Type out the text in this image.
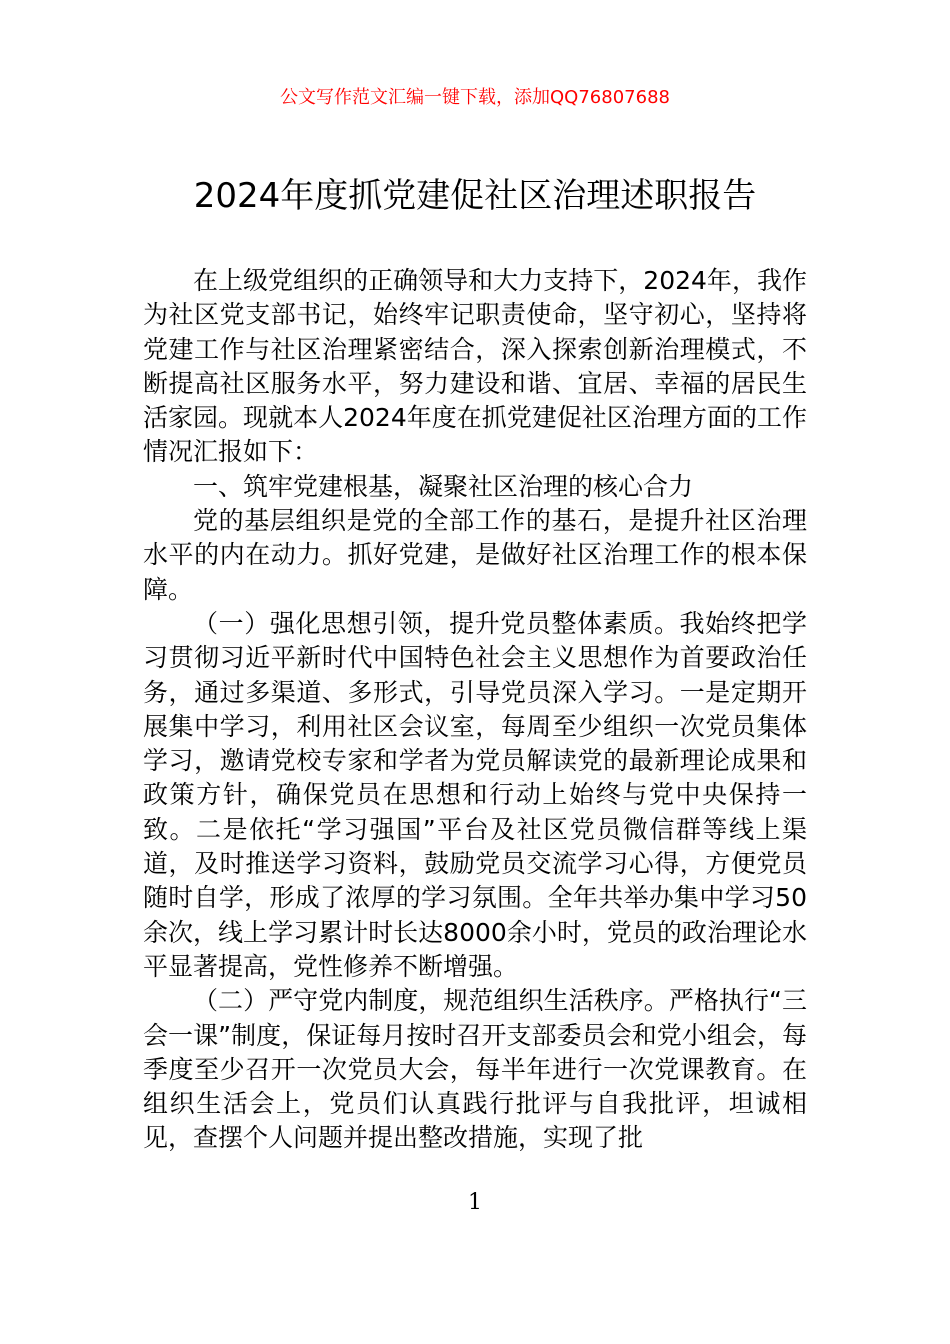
公文写作范文汇编一键下载，添加QQ76807688
2024年度抓党建促社区治理述职报告

在上级党组织的正确领导和大力支持下，2024年，我作为社区党支部书记，始终牢记职责使命，坚守初心，坚持将党建工作与社区治理紧密结合，深入探索创新治理模式，不断提高社区服务水平，努力建设和谐、宜居、幸福的居民生活家园。现就本人2024年度在抓党建促社区治理方面的工作情况汇报如下：

一、筑牢党建根基，凝聚社区治理的核心合力

党的基层组织是党的全部工作的基石，是提升社区治理水平的内在动力。抓好党建，是做好社区治理工作的根本保障。

（一）强化思想引领，提升党员整体素质。我始终把学习贯彻习近平新时代中国特色社会主义思想作为首要政治任务，通过多渠道、多形式，引导党员深入学习。一是定期开展集中学习，利用社区会议室，每周至少组织一次党员集体学习，邀请党校专家和学者为党员解读党的最新理论成果和政策方针，确保党员在思想和行动上始终与党中央保持一致。二是依托“学习强国”平台及社区党员微信群等线上渠道，及时推送学习资料，鼓励党员交流学习心得，方便党员随时自学，形成了浓厚的学习氛围。全年共举办集中学习50余次，线上学习累计时长达8000余小时，党员的政治理论水平显著提高，党性修养不断增强。

（二）严守党内制度，规范组织生活秩序。严格执行“三会一课”制度，保证每月按时召开支部委员会和党小组会，每季度至少召开一次党员大会，每半年进行一次党课教育。在组织生活会上，党员们认真践行批评与自我批评，坦诚相见，查摆个人问题并提出整改措施，实现了批

1
